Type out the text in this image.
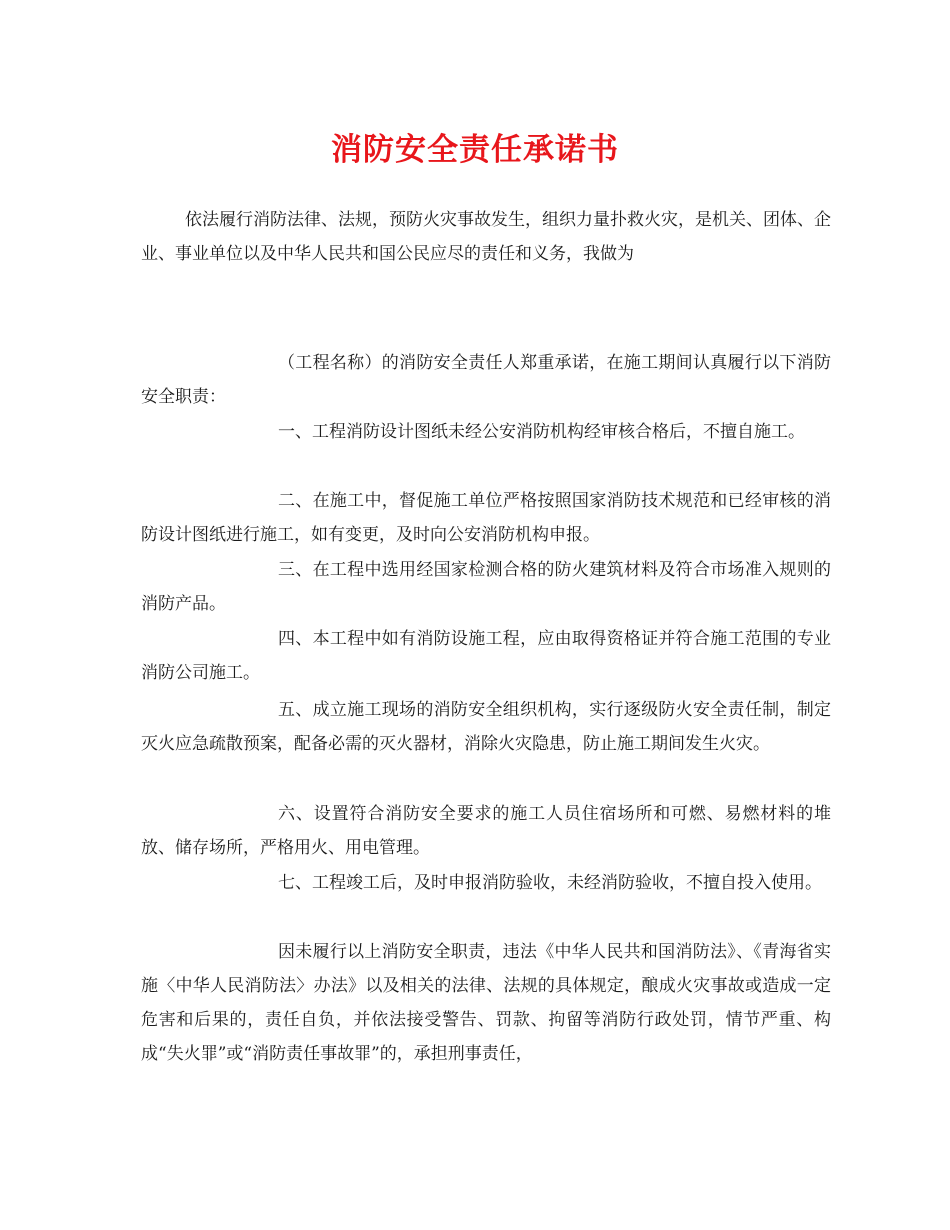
消防安全责任承诺书

依法履行消防法律、法规，预防火灾事故发生，组织力量扑救火灾，是机关、团体、企业、事业单位以及中华人民共和国公民应尽的责任和义务，我做为

（工程名称）的消防安全责任人郑重承诺，在施工期间认真履行以下消防安全职责：

一、工程消防设计图纸未经公安消防机构经审核合格后，不擅自施工。

二、在施工中，督促施工单位严格按照国家消防技术规范和已经审核的消防设计图纸进行施工，如有变更，及时向公安消防机构申报。

三、在工程中选用经国家检测合格的防火建筑材料及符合市场准入规则的消防产品。

四、本工程中如有消防设施工程，应由取得资格证并符合施工范围的专业消防公司施工。

五、成立施工现场的消防安全组织机构，实行逐级防火安全责任制，制定灭火应急疏散预案，配备必需的灭火器材，消除火灾隐患，防止施工期间发生火灾。

六、设置符合消防安全要求的施工人员住宿场所和可燃、易燃材料的堆放、储存场所，严格用火、用电管理。

七、工程竣工后，及时申报消防验收，未经消防验收，不擅自投入使用。

因未履行以上消防安全职责，违法《中华人民共和国消防法》、《青海省实施〈中华人民消防法〉办法》以及相关的法律、法规的具体规定，酿成火灾事故或造成一定危害和后果的，责任自负，并依法接受警告、罚款、拘留等消防行政处罚，情节严重、构成“失火罪”或“消防责任事故罪”的，承担刑事责任，
